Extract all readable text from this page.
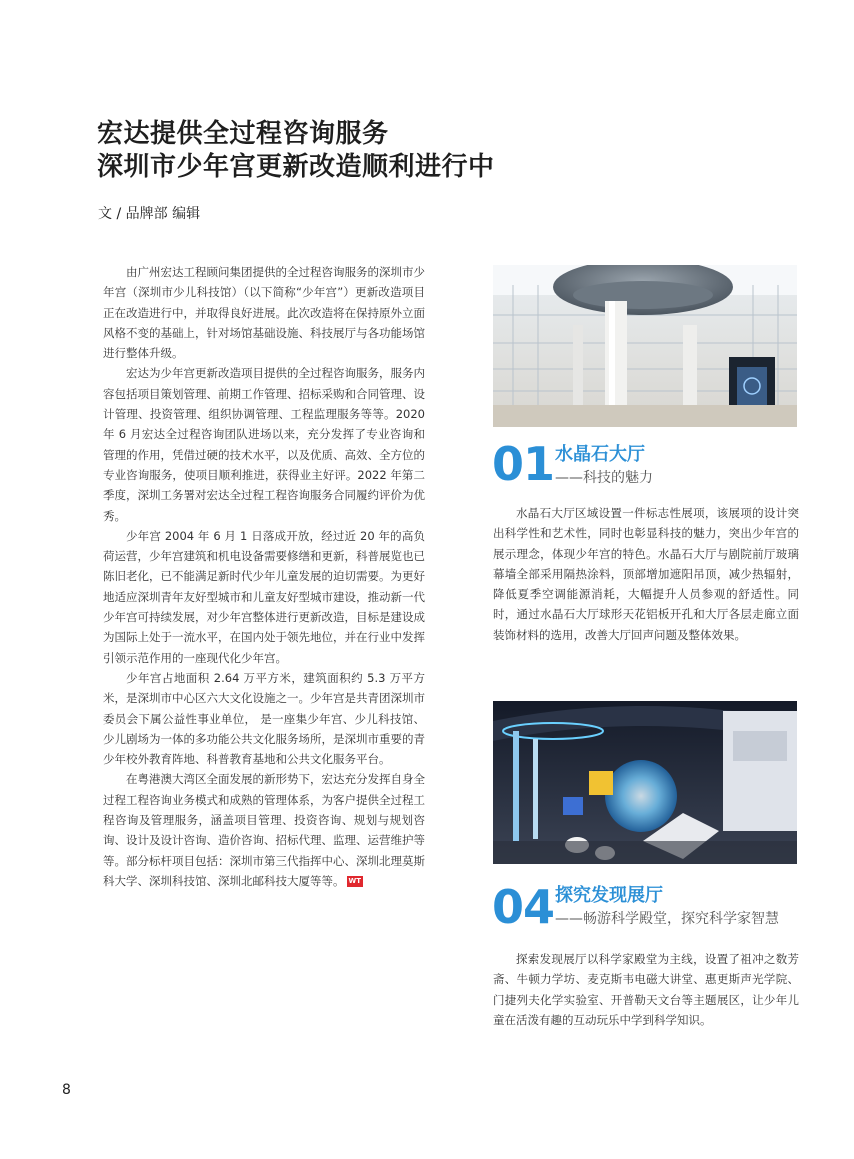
宏达提供全过程咨询服务
深圳市少年宫更新改造顺利进行中
文 / 品牌部 编辑

由广州宏达工程顾问集团提供的全过程咨询服务的深圳市少年宫（深圳市少儿科技馆）（以下简称“少年宫”）更新改造项目正在改造进行中，并取得良好进展。此次改造将在保持原外立面风格不变的基础上，针对场馆基础设施、科技展厅与各功能场馆进行整体升级。

宏达为少年宫更新改造项目提供的全过程咨询服务，服务内容包括项目策划管理、前期工作管理、招标采购和合同管理、设计管理、投资管理、组织协调管理、工程监理服务等等。2020 年 6 月宏达全过程咨询团队进场以来，充分发挥了专业咨询和管理的作用，凭借过硬的技术水平，以及优质、高效、全方位的专业咨询服务，使项目顺利推进，获得业主好评。2022 年第二季度，深圳工务署对宏达全过程工程咨询服务合同履约评价为优秀。

少年宫 2004 年 6 月 1 日落成开放，经过近 20 年的高负荷运营，少年宫建筑和机电设备需要修缮和更新，科普展览也已陈旧老化，已不能满足新时代少年儿童发展的迫切需要。为更好地适应深圳青年友好型城市和儿童友好型城市建设，推动新一代少年宫可持续发展，对少年宫整体进行更新改造，目标是建设成为国际上处于一流水平，在国内处于领先地位，并在行业中发挥引领示范作用的一座现代化少年宫。

少年宫占地面积 2.64 万平方米，建筑面积约 5.3 万平方米，是深圳市中心区六大文化设施之一。少年宫是共青团深圳市委员会下属公益性事业单位， 是一座集少年宫、少儿科技馆、少儿剧场为一体的多功能公共文化服务场所，是深圳市重要的青少年校外教育阵地、科普教育基地和公共文化服务平台。

在粤港澳大湾区全面发展的新形势下，宏达充分发挥自身全过程工程咨询业务模式和成熟的管理体系，为客户提供全过程工程咨询及管理服务，涵盖项目管理、投资咨询、规划与规划咨询、设计及设计咨询、造价咨询、招标代理、监理、运营维护等等。部分标杆项目包括：深圳市第三代指挥中心、深圳北理莫斯科大学、深圳科技馆、深圳北邮科技大厦等等。 WT

01 水晶石大厅
——科技的魅力

水晶石大厅区域设置一件标志性展项，该展项的设计突出科学性和艺术性，同时也彰显科技的魅力，突出少年宫的展示理念，体现少年宫的特色。水晶石大厅与剧院前厅玻璃幕墙全部采用隔热涂料，顶部增加遮阳吊顶，减少热辐射，降低夏季空调能源消耗，大幅提升人员参观的舒适性。同时，通过水晶石大厅球形天花铝板开孔和大厅各层走廊立面装饰材料的选用，改善大厅回声问题及整体效果。

04 探究发现展厅
——畅游科学殿堂，探究科学家智慧

探索发现展厅以科学家殿堂为主线，设置了祖冲之数芳斋、牛顿力学坊、麦克斯韦电磁大讲堂、惠更斯声光学院、门捷列夫化学实验室、开普勒天文台等主题展区，让少年儿童在活泼有趣的互动玩乐中学到科学知识。

8
